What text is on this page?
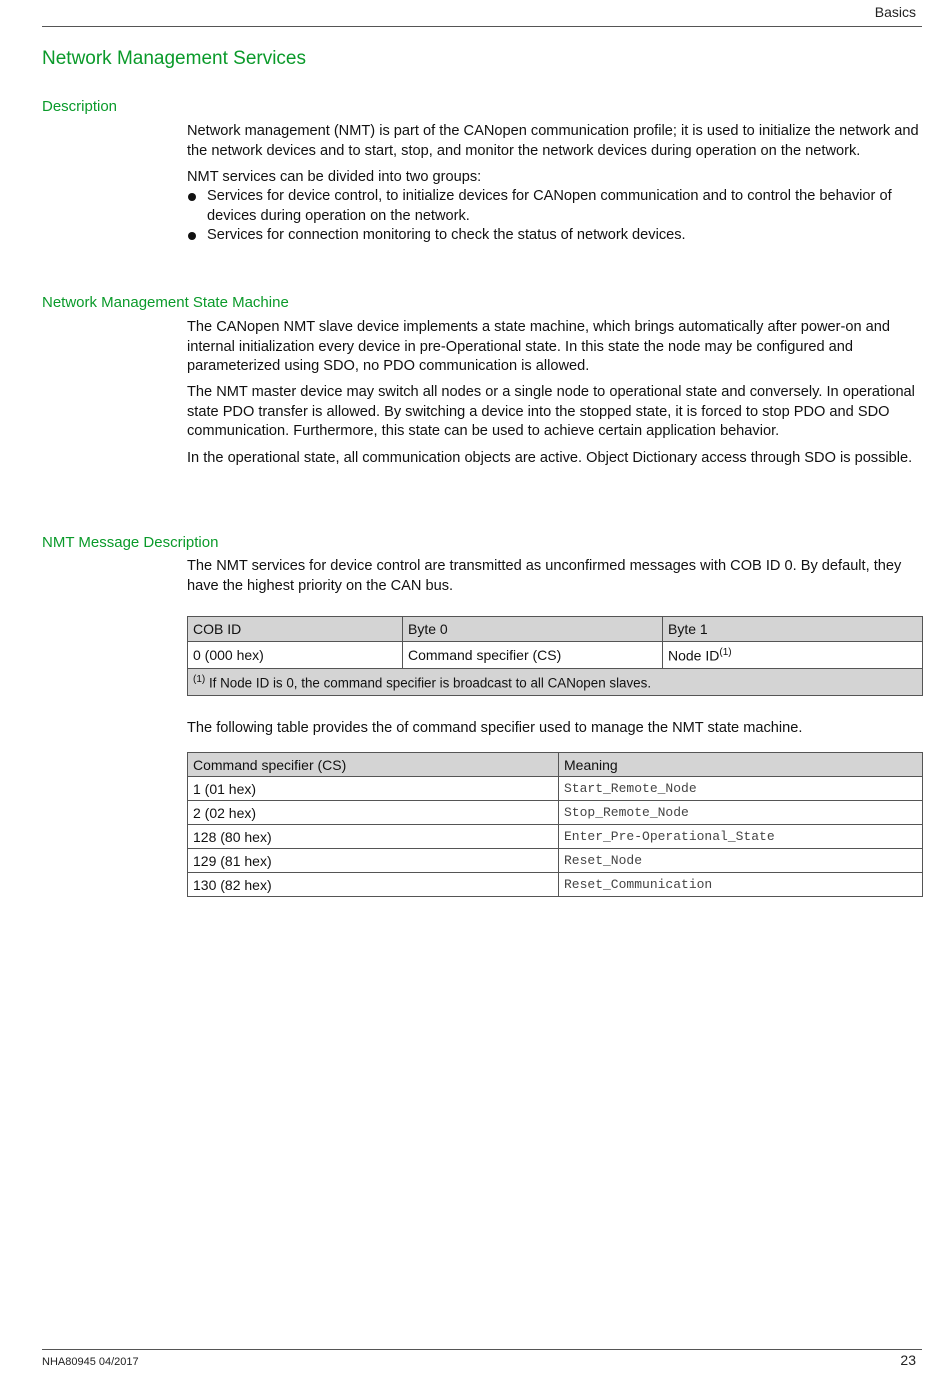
Basics
Network Management Services
Description

Network management (NMT) is part of the CANopen communication profile; it is used to initialize the network and the network devices and to start, stop, and monitor the network devices during operation on the network.

NMT services can be divided into two groups:

Services for device control, to initialize devices for CANopen communication and to control the behavior of devices during operation on the network.
Services for connection monitoring to check the status of network devices.
Network Management State Machine

The CANopen NMT slave device implements a state machine, which brings automatically after power-on and internal initialization every device in pre-Operational state. In this state the node may be configured and parameterized using SDO, no PDO communication is allowed.

The NMT master device may switch all nodes or a single node to operational state and conversely. In operational state PDO transfer is allowed. By switching a device into the stopped state, it is forced to stop PDO and SDO communication. Furthermore, this state can be used to achieve certain application behavior.

In the operational state, all communication objects are active. Object Dictionary access through SDO is possible.

NMT Message Description

The NMT services for device control are transmitted as unconfirmed messages with COB ID 0. By default, they have the highest priority on the CAN bus.

COB ID	Byte 0	Byte 1
0 (000 hex)	Command specifier (CS)	Node ID$^{(1)}$
$^{(1)}$ If Node ID is 0, the command specifier is broadcast to all CANopen slaves.		

The following table provides the of command specifier used to manage the NMT state machine.

Command specifier (CS)	Meaning
1 (01 hex)	Start_Remote_Node
2 (02 hex)	Stop_Remote_Node
128 (80 hex)	Enter_Pre-Operational_State
129 (81 hex)	Reset_Node
130 (82 hex)	Reset_Communication
NHA80945 04/2017	23
